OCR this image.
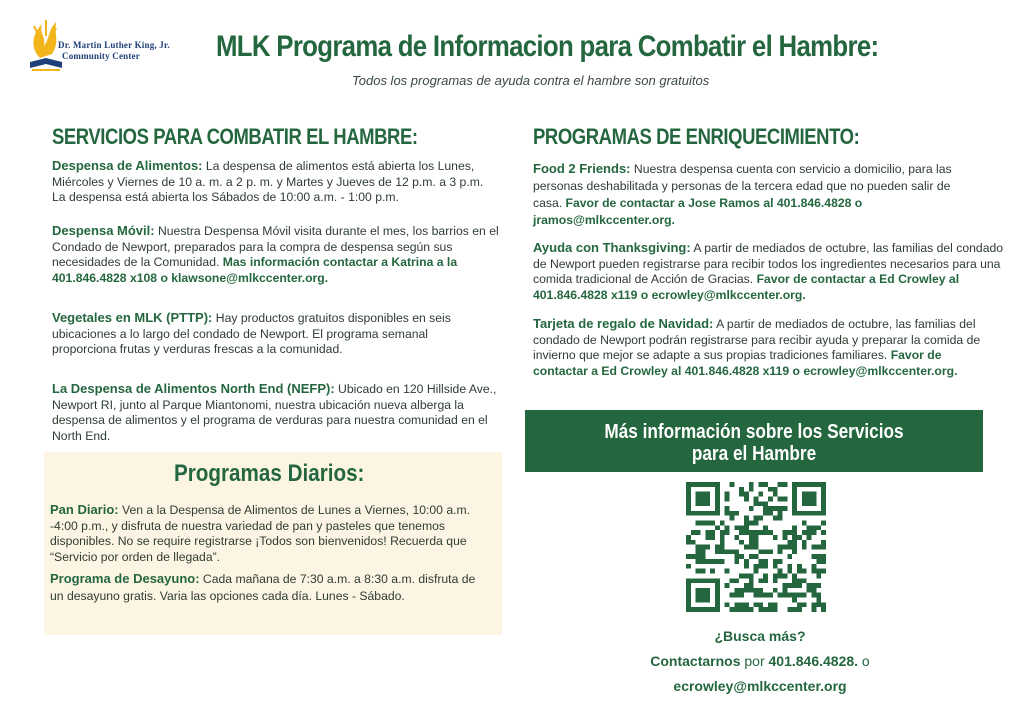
Dr. Martin Luther King, Jr.
Community Center	MLK Programa de Informacion para Combatir el Hambre:
Todos los programas de ayuda contra el hambre son gratuitos
SERVICIOS PARA COMBATIR EL HAMBRE:
Despensa de Alimentos: La despensa de alimentos está abierta los Lunes, Miércoles y Viernes de 10 a. m. a 2 p. m. y Martes y Jueves de 12 p.m. a 3 p.m. La despensa está abierta los Sábados de 10:00 a.m. - 1:00 p.m.
Despensa Móvil: Nuestra Despensa Móvil visita durante el mes, los barrios en el Condado de Newport, preparados para la compra de despensa según sus necesidades de la Comunidad. Mas información contactar a Katrina a la 401.846.4828 x108 o klawsone@mlkccenter.org.
Vegetales en MLK (PTTP): Hay productos gratuitos disponibles en seis ubicaciones a lo largo del condado de Newport. El programa semanal proporciona frutas y verduras frescas a la comunidad.
La Despensa de Alimentos North End (NEFP): Ubicado en 120 Hillside Ave., Newport RI, junto al Parque Miantonomi, nuestra ubicación nueva alberga la despensa de alimentos y el programa de verduras para nuestra comunidad en el North End.
Programas Diarios:
Pan Diario: Ven a la Despensa de Alimentos de Lunes a Viernes, 10:00 a.m. -4:00 p.m., y disfruta de nuestra variedad de pan y pasteles que tenemos disponibles. No se require registrarse ¡Todos son bienvenidos! Recuerda que “Servicio por orden de llegada”.
Programa de Desayuno: Cada mañana de 7:30 a.m. a 8:30 a.m. disfruta de un desayuno gratis. Varia las opciones cada día. Lunes - Sábado.
PROGRAMAS DE ENRIQUECIMIENTO:
Food 2 Friends: Nuestra despensa cuenta con servicio a domicilio, para las personas deshabilitada y personas de la tercera edad que no pueden salir de casa. Favor de contactar a Jose Ramos al 401.846.4828 o jramos@mlkccenter.org.
Ayuda con Thanksgiving: A partir de mediados de octubre, las familias del condado de Newport pueden registrarse para recibir todos los ingredientes necesarios para una comida tradicional de Acción de Gracias. Favor de contactar a Ed Crowley al 401.846.4828 x119 o ecrowley@mlkccenter.org.
Tarjeta de regalo de Navidad: A partir de mediados de octubre, las familias del condado de Newport podrán registrarse para recibir ayuda y preparar la comida de invierno que mejor se adapte a sus propias tradiciones familiares. Favor de contactar a Ed Crowley al 401.846.4828 x119 o ecrowley@mlkccenter.org.
Más información sobre los Servicios
para el Hambre
¿Busca más?
Contactarnos por 401.846.4828. o
ecrowley@mlkccenter.org
